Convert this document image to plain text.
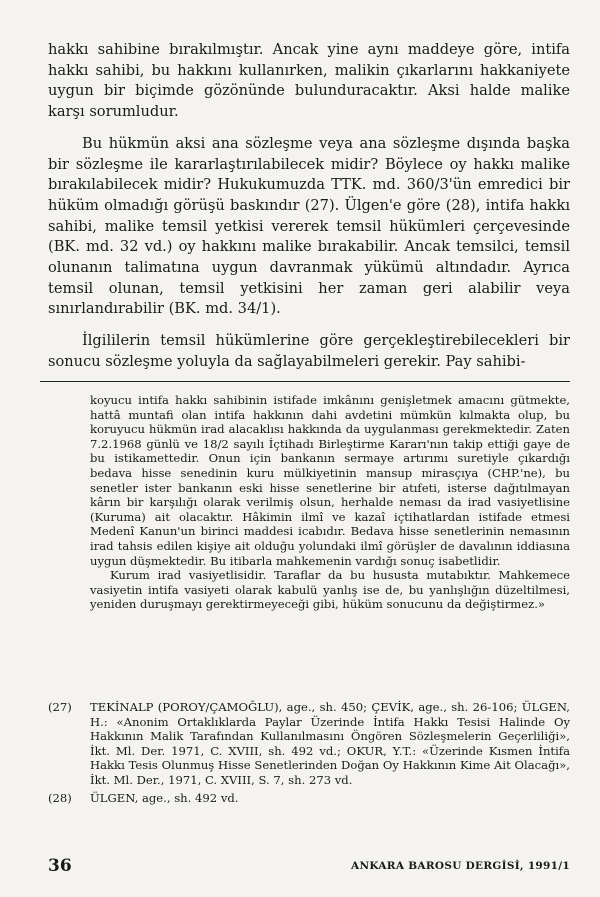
hakkı sahibine bırakılmıştır. Ancak yine aynı maddeye göre, intifa hakkı sahibi, bu hakkını kullanırken, malikin çıkarlarını hakkaniyete uygun bir biçimde gözönünde bulunduracaktır. Aksi halde malike karşı sorumludur.

Bu hükmün aksi ana sözleşme veya ana sözleşme dışında başka bir sözleşme ile kararlaştırılabilecek midir? Böylece oy hakkı malike bırakılabilecek midir? Hukukumuzda TTK. md. 360/3'ün emredici bir hüküm olmadığı görüşü baskındır (27). Ülgen'e göre (28), intifa hakkı sahibi, malike temsil yetkisi vererek temsil hükümleri çerçevesinde (BK. md. 32 vd.) oy hakkını malike bırakabilir. Ancak temsilci, temsil olunanın talimatına uygun davranmak yükümü altındadır. Ayrıca temsil olunan, temsil yetkisini her zaman geri alabilir veya sınırlandırabilir (BK. md. 34/1).

İlgililerin temsil hükümlerine göre gerçekleştirebilecekleri bir sonucu sözleşme yoluyla da sağlayabilmeleri gerekir. Pay sahibi-

koyucu intifa hakkı sahibinin istifade imkânını genişletmek amacını gütmekte, hattâ muntafi olan intifa hakkının dahi avdetini mümkün kılmakta olup, bu koruyucu hükmün irad alacaklısı hakkında da uygulanması gerekmektedir. Zaten 7.2.1968 günlü ve 18/2 sayılı İçtihadı Birleştirme Kararı'nın takip ettiği gaye de bu istikamettedir. Onun için bankanın sermaye artırımı suretiyle çıkardığı bedava hisse senedinin kuru mülkiyetinin mansup mirasçıya (CHP.'ne), bu senetler ister bankanın eski hisse senetlerine bir atıfeti, isterse dağıtılmayan kârın bir karşılığı olarak verilmiş olsun, herhalde neması da irad vasiyetlisine (Kuruma) ait olacaktır. Hâkimin ilmî ve kazaî içtihatlardan istifade etmesi Medenî Kanun'un birinci maddesi icabıdır. Bedava hisse senetlerinin nemasının irad tahsis edilen kişiye ait olduğu yolundaki ilmî görüşler de davalının iddiasına uygun düşmektedir. Bu itibarla mahkemenin vardığı sonuç isabetlidir.

Kurum irad vasiyetlisidir. Taraflar da bu hususta mutabıktır. Mahkemece vasiyetin intifa vasiyeti olarak kabulü yanlış ise de, bu yanlışlığın düzeltilmesi, yeniden duruşmayı gerektirmeyeceği gibi, hüküm sonucunu da değiştirmez.»

(27)	TEKİNALP (POROY/ÇAMOĞLU), age., sh. 450; ÇEVİK, age., sh. 26-106; ÜLGEN, H.: «Anonim Ortaklıklarda Paylar Üzerinde İntifa Hakkı Tesisi Halinde Oy Hakkının Malik Tarafından Kullanılmasını Öngören Sözleşmelerin Geçerliliği», İkt. Ml. Der. 1971, C. XVIII, sh. 492 vd.; OKUR, Y.T.: «Üzerinde Kısmen İntifa Hakkı Tesis Olunmuş Hisse Senetlerinden Doğan Oy Hakkının Kime Ait Olacağı», İkt. Ml. Der., 1971, C. XVIII, S. 7, sh. 273 vd.
(28)	ÜLGEN, age., sh. 492 vd.
36	ANKARA BAROSU DERGİSİ, 1991/1
